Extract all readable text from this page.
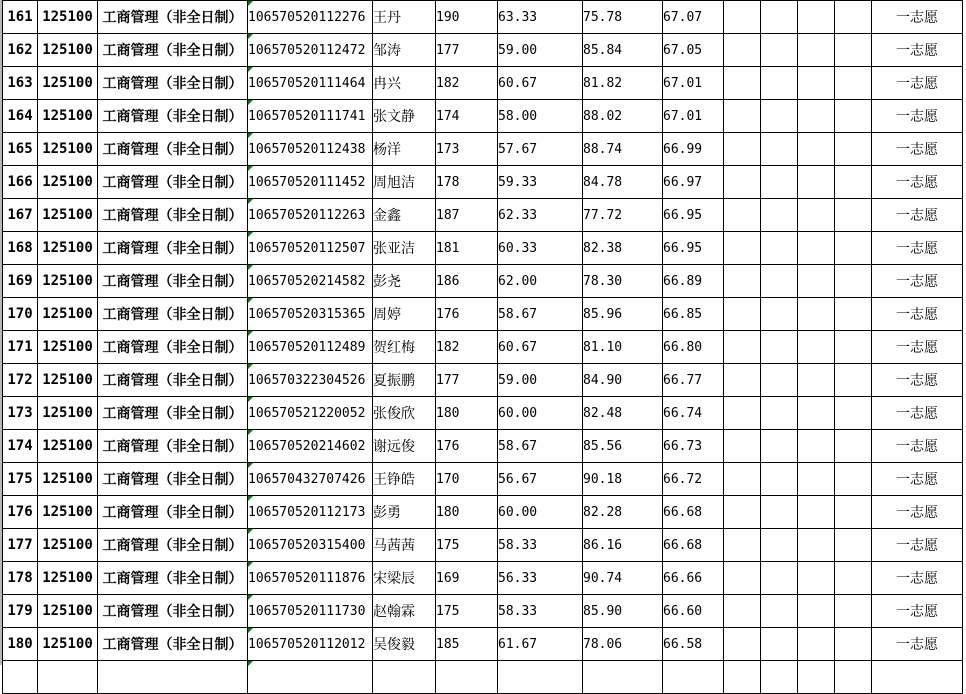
161	125100	工商管理（非全日制）	106570520112276	王丹	190	63.33	75.78	67.07					一志愿
162	125100	工商管理（非全日制）	106570520112472	邹涛	177	59.00	85.84	67.05					一志愿
163	125100	工商管理（非全日制）	106570520111464	冉兴	182	60.67	81.82	67.01					一志愿
164	125100	工商管理（非全日制）	106570520111741	张文静	174	58.00	88.02	67.01					一志愿
165	125100	工商管理（非全日制）	106570520112438	杨洋	173	57.67	88.74	66.99					一志愿
166	125100	工商管理（非全日制）	106570520111452	周旭洁	178	59.33	84.78	66.97					一志愿
167	125100	工商管理（非全日制）	106570520112263	金鑫	187	62.33	77.72	66.95					一志愿
168	125100	工商管理（非全日制）	106570520112507	张亚洁	181	60.33	82.38	66.95					一志愿
169	125100	工商管理（非全日制）	106570520214582	彭尧	186	62.00	78.30	66.89					一志愿
170	125100	工商管理（非全日制）	106570520315365	周婷	176	58.67	85.96	66.85					一志愿
171	125100	工商管理（非全日制）	106570520112489	贺红梅	182	60.67	81.10	66.80					一志愿
172	125100	工商管理（非全日制）	106570322304526	夏振鹏	177	59.00	84.90	66.77					一志愿
173	125100	工商管理（非全日制）	106570521220052	张俊欣	180	60.00	82.48	66.74					一志愿
174	125100	工商管理（非全日制）	106570520214602	谢远俊	176	58.67	85.56	66.73					一志愿
175	125100	工商管理（非全日制）	106570432707426	王铮皓	170	56.67	90.18	66.72					一志愿
176	125100	工商管理（非全日制）	106570520112173	彭勇	180	60.00	82.28	66.68					一志愿
177	125100	工商管理（非全日制）	106570520315400	马茜茜	175	58.33	86.16	66.68					一志愿
178	125100	工商管理（非全日制）	106570520111876	宋梁辰	169	56.33	90.74	66.66					一志愿
179	125100	工商管理（非全日制）	106570520111730	赵翰霖	175	58.33	85.90	66.60					一志愿
180	125100	工商管理（非全日制）	106570520112012	吴俊毅	185	61.67	78.06	66.58					一志愿
